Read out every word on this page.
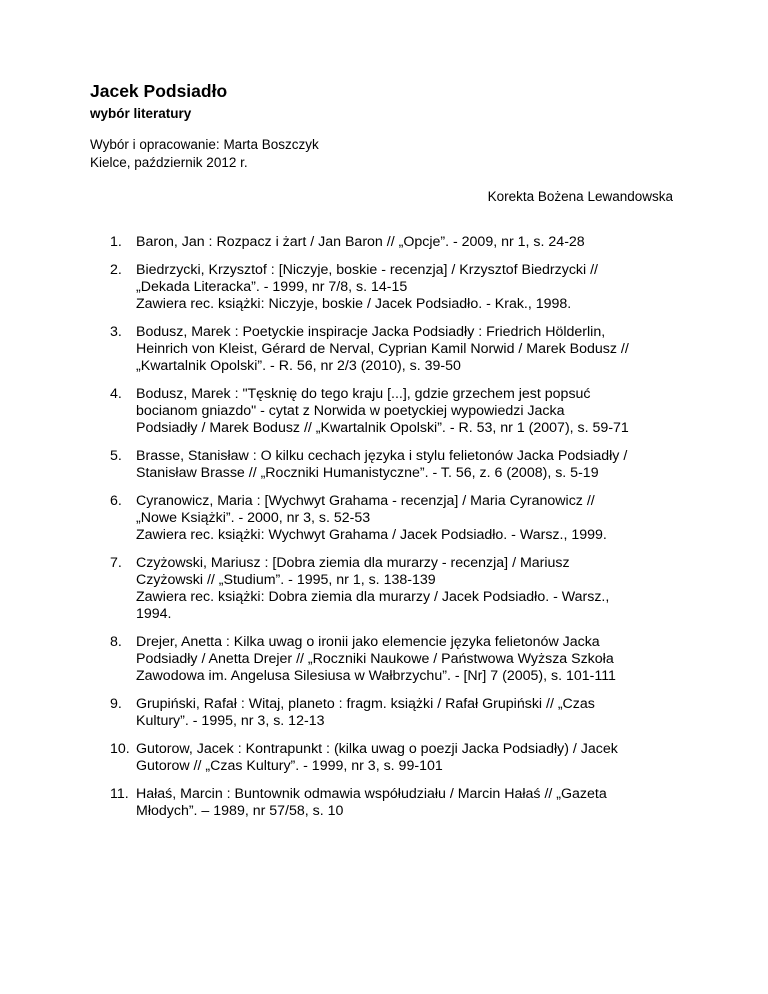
Jacek Podsiadło
wybór literatury
Wybór i opracowanie: Marta Boszczyk
Kielce, październik 2012 r.
Korekta Bożena Lewandowska
1. Baron, Jan : Rozpacz i żart / Jan Baron // „Opcje”. - 2009, nr 1, s. 24-28
2. Biedrzycki, Krzysztof : [Niczyje, boskie - recenzja] / Krzysztof Biedrzycki //
„Dekada Literacka”. - 1999, nr 7/8, s. 14-15
Zawiera rec. książki: Niczyje, boskie / Jacek Podsiadło. - Krak., 1998.
3. Bodusz, Marek : Poetyckie inspiracje Jacka Podsiadły : Friedrich Hölderlin,
Heinrich von Kleist, Gérard de Nerval, Cyprian Kamil Norwid / Marek Bodusz //
„Kwartalnik Opolski”. - R. 56, nr 2/3 (2010), s. 39-50
4. Bodusz, Marek : "Tęsknię do tego kraju [...], gdzie grzechem jest popsuć
bocianom gniazdo" - cytat z Norwida w poetyckiej wypowiedzi Jacka
Podsiadły / Marek Bodusz // „Kwartalnik Opolski”. - R. 53, nr 1 (2007), s. 59-71
5. Brasse, Stanisław : O kilku cechach języka i stylu felietonów Jacka Podsiadły /
Stanisław Brasse // „Roczniki Humanistyczne”. - T. 56, z. 6 (2008), s. 5-19
6. Cyranowicz, Maria : [Wychwyt Grahama - recenzja] / Maria Cyranowicz //
„Nowe Książki”. - 2000, nr 3, s. 52-53
Zawiera rec. książki: Wychwyt Grahama / Jacek Podsiadło. - Warsz., 1999.
7. Czyżowski, Mariusz : [Dobra ziemia dla murarzy - recenzja] / Mariusz
Czyżowski // „Studium”. - 1995, nr 1, s. 138-139
Zawiera rec. książki: Dobra ziemia dla murarzy / Jacek Podsiadło. - Warsz.,
1994.
8. Drejer, Anetta : Kilka uwag o ironii jako elemencie języka felietonów Jacka
Podsiadły / Anetta Drejer // „Roczniki Naukowe / Państwowa Wyższa Szkoła
Zawodowa im. Angelusa Silesiusa w Wałbrzychu”. - [Nr] 7 (2005), s. 101-111
9. Grupiński, Rafał : Witaj, planeto : fragm. książki / Rafał Grupiński // „Czas
Kultury”. - 1995, nr 3, s. 12-13
10. Gutorow, Jacek : Kontrapunkt : (kilka uwag o poezji Jacka Podsiadły) / Jacek
Gutorow // „Czas Kultury”. - 1999, nr 3, s. 99-101
11. Hałaś, Marcin : Buntownik odmawia współudziału / Marcin Hałaś // „Gazeta
Młodych”. – 1989, nr 57/58, s. 10
